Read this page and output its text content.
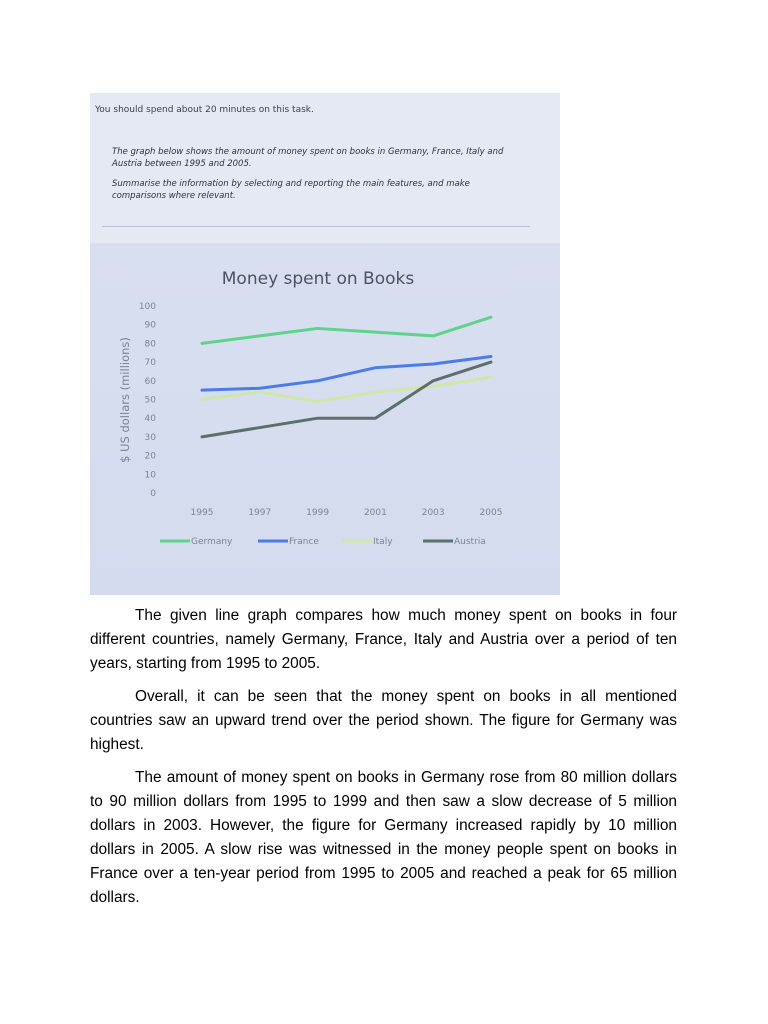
You should spend about 20 minutes on this task.

The graph below shows the amount of money spent on books in Germany, France, Italy and Austria between 1995 and 2005.

Summarise the information by selecting and reporting the main features, and make comparisons where relevant.

Money spent on Books
0
10
20
30
40
50
60
70
80
90
100
$ US dollars (millions)
1995	1997	1999	2001	2003	2005
Germany	France	Italy	Austria

The given line graph compares how much money spent on books in four different countries, namely Germany, France, Italy and Austria over a period of ten years, starting from 1995 to 2005.

Overall, it can be seen that the money spent on books in all mentioned countries saw an upward trend over the period shown. The figure for Germany was highest.

The amount of money spent on books in Germany rose from 80 million dollars to 90 million dollars from 1995 to 1999 and then saw a slow decrease of 5 million dollars in 2003. However, the figure for Germany increased rapidly by 10 million dollars in 2005. A slow rise was witnessed in the money people spent on books in France over a ten-year period from 1995 to 2005 and reached a peak for 65 million dollars.
